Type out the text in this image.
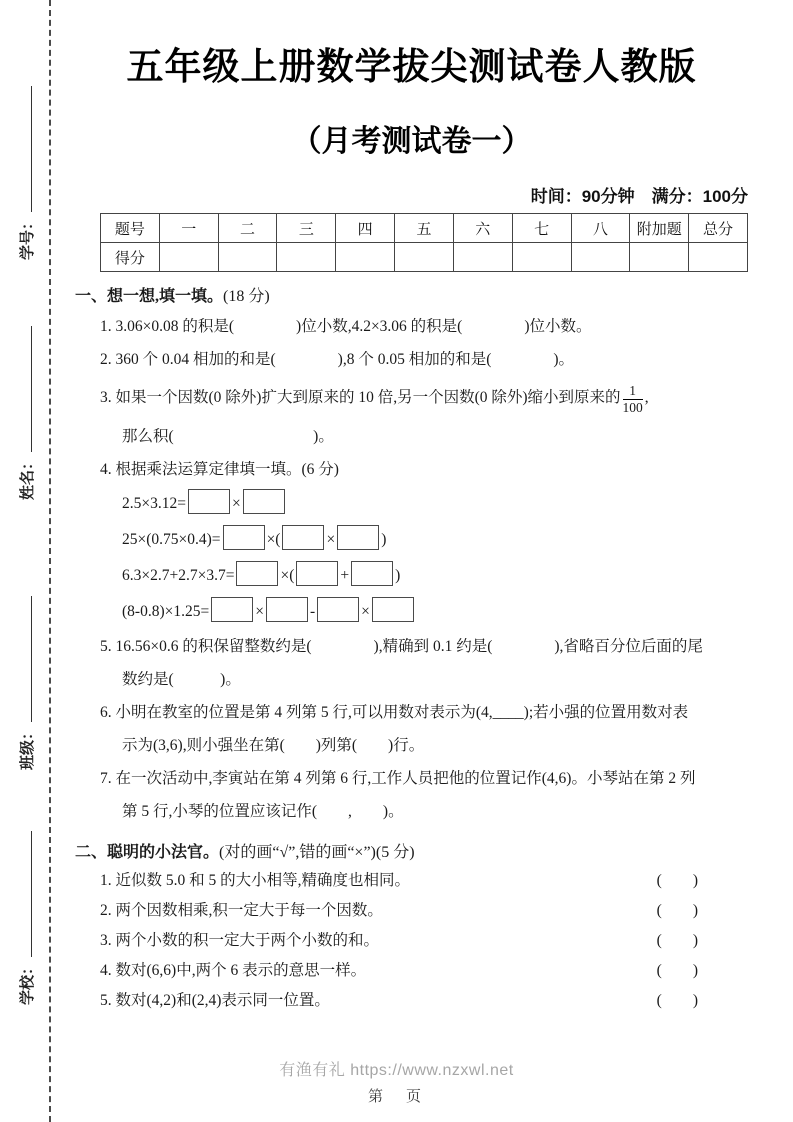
学号：
姓名：
班级：
学校：
五年级上册数学拔尖测试卷人教版
（月考测试卷一）
时间：90分钟　满分：100分
题号	一	二	三	四	五	六	七	八	附加题	总分
得分										
一、想一想,填一填。(18 分)
1. 3.06×0.08 的积是(　　　　)位小数,4.2×3.06 的积是(　　　　)位小数。
2. 360 个 0.04 相加的和是(　　　　),8 个 0.05 相加的和是(　　　　)。
3. 如果一个因数(0 除外)扩大到原来的 10 倍,另一个因数(0 除外)缩小到原来的 $\frac{1}{100}$ ,
那么积(　　　　　　　　　)。
4. 根据乘法运算定律填一填。(6 分)
2.5×3.12=	×
25×(0.75×0.4)=	×(	×	)
6.3×2.7+2.7×3.7=	×(	+	)
(8-0.8)×1.25=	×	-	×
5. 16.56×0.6 的积保留整数约是(　　　　),精确到 0.1 约是(　　　　),省略百分位后面的尾
数约是(　　　)。
6. 小明在教室的位置是第 4 列第 5 行,可以用数对表示为(4,____);若小强的位置用数对表
示为(3,6),则小强坐在第(　　)列第(　　)行。
7. 在一次活动中,李寅站在第 4 列第 6 行,工作人员把他的位置记作(4,6)。小琴站在第 2 列
第 5 行,小琴的位置应该记作(　　,　　)。
二、聪明的小法官。(对的画“√”,错的画“×”)(5 分)
1. 近似数 5.0 和 5 的大小相等,精确度也相同。	(　　)
2. 两个因数相乘,积一定大于每一个因数。	(　　)
3. 两个小数的积一定大于两个小数的和。	(　　)
4. 数对(6,6)中,两个 6 表示的意思一样。	(　　)
5. 数对(4,2)和(2,4)表示同一位置。	(　　)
有渔有礼 https://www.nzxwl.net
第　页
